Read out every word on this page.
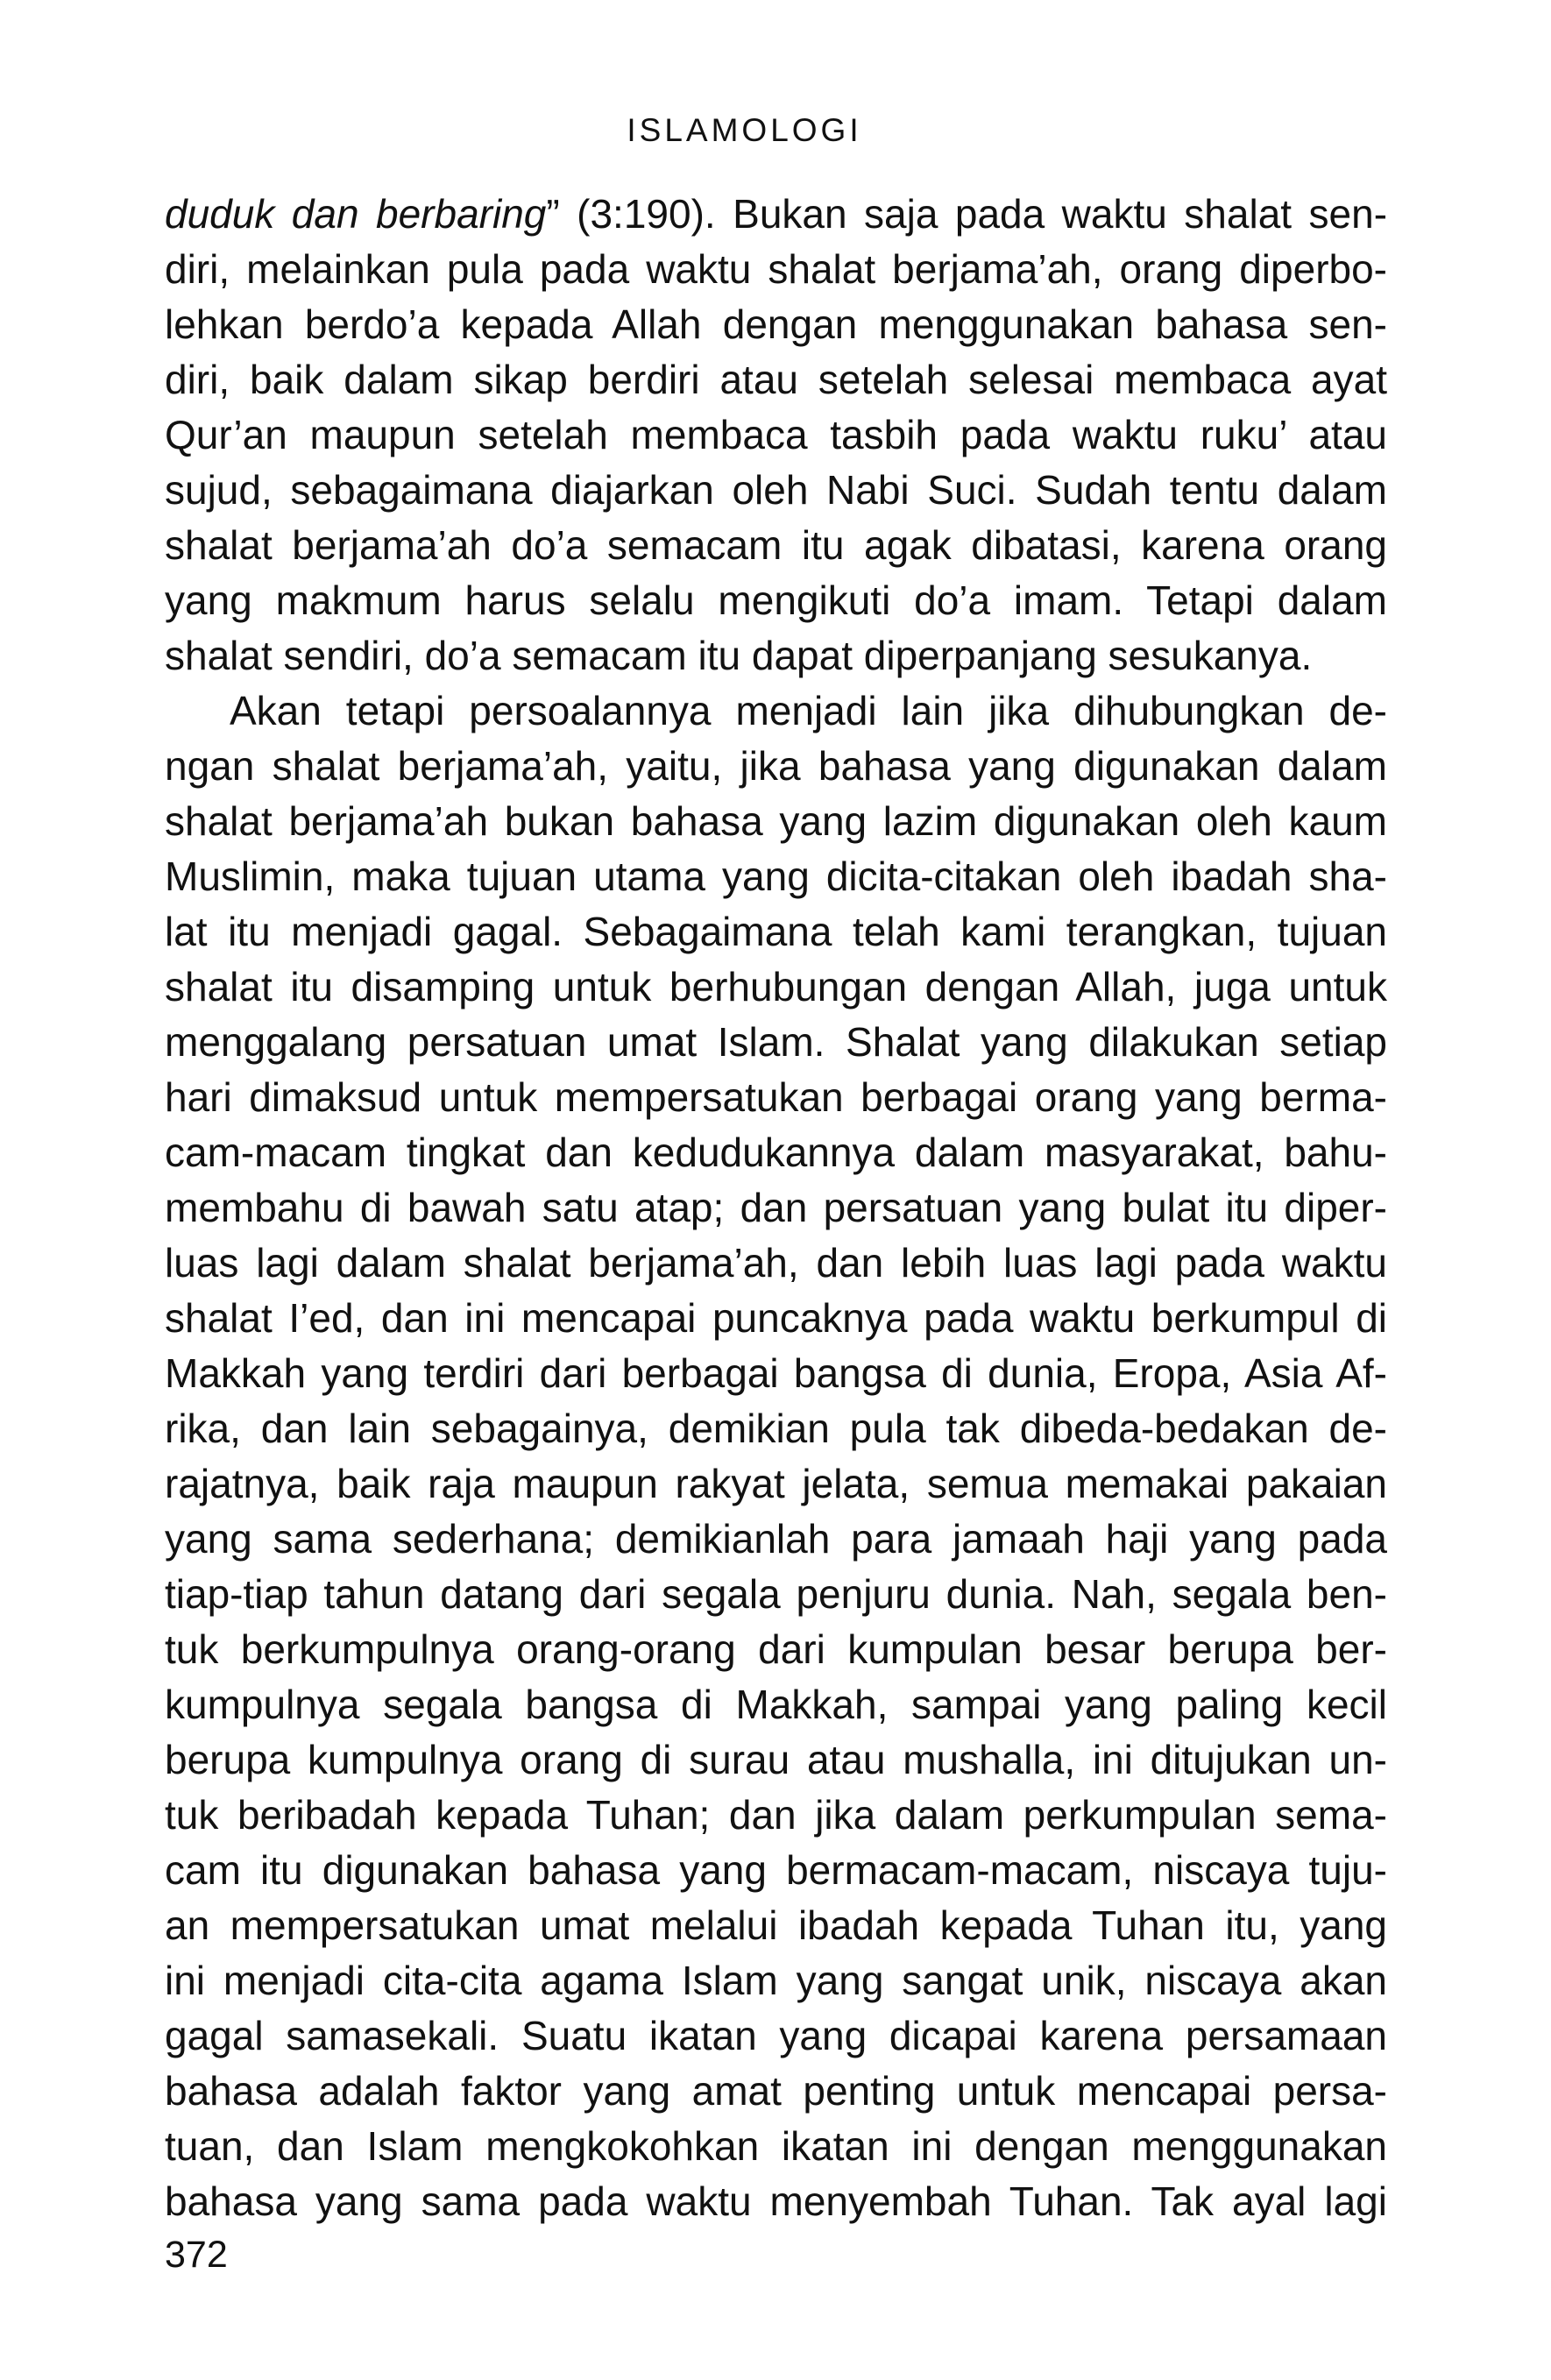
ISLAMOLOGI
duduk dan berbaring” (3:190). Bukan saja pada waktu shalat sen-
diri, melainkan pula pada waktu shalat berjama’ah, orang diperbo-
lehkan berdo’a kepada Allah dengan menggunakan bahasa sen-
diri, baik dalam sikap berdiri atau setelah selesai membaca ayat
Qur’an maupun setelah membaca tasbih pada waktu ruku’ atau
sujud, sebagaimana diajarkan oleh Nabi Suci. Sudah tentu dalam
shalat berjama’ah do’a semacam itu agak dibatasi, karena orang
yang makmum harus selalu mengikuti do’a imam. Tetapi dalam
shalat sendiri, do’a semacam itu dapat diperpanjang sesukanya.
Akan tetapi persoalannya menjadi lain jika dihubungkan de-
ngan shalat berjama’ah, yaitu, jika bahasa yang digunakan dalam
shalat berjama’ah bukan bahasa yang lazim digunakan oleh kaum
Muslimin, maka tujuan utama yang dicita-citakan oleh ibadah sha-
lat itu menjadi gagal. Sebagaimana telah kami terangkan, tujuan
shalat itu disamping untuk berhubungan dengan Allah, juga untuk
menggalang persatuan umat Islam. Shalat yang dilakukan setiap
hari dimaksud untuk mempersatukan berbagai orang yang berma-
cam-macam tingkat dan kedudukannya dalam masyarakat, bahu-
membahu di bawah satu atap; dan persatuan yang bulat itu diper-
luas lagi dalam shalat berjama’ah, dan lebih luas lagi pada waktu
shalat I’ed, dan ini mencapai puncaknya pada waktu berkumpul di
Makkah yang terdiri dari berbagai bangsa di dunia, Eropa, Asia Af-
rika, dan lain sebagainya, demikian pula tak dibeda-bedakan de-
rajatnya, baik raja maupun rakyat jelata, semua memakai pakaian
yang sama sederhana; demikianlah para jamaah haji yang pada
tiap-tiap tahun datang dari segala penjuru dunia. Nah, segala ben-
tuk berkumpulnya orang-orang dari kumpulan besar berupa ber-
kumpulnya segala bangsa di Makkah, sampai yang paling kecil
berupa kumpulnya orang di surau atau mushalla, ini ditujukan un-
tuk beribadah kepada Tuhan; dan jika dalam perkumpulan sema-
cam itu digunakan bahasa yang bermacam-macam, niscaya tuju-
an mempersatukan umat melalui ibadah kepada Tuhan itu, yang
ini menjadi cita-cita agama Islam yang sangat unik, niscaya akan
gagal samasekali. Suatu ikatan yang dicapai karena persamaan
bahasa adalah faktor yang amat penting untuk mencapai persa-
tuan, dan Islam mengkokohkan ikatan ini dengan menggunakan
bahasa yang sama pada waktu menyembah Tuhan. Tak ayal lagi
372
